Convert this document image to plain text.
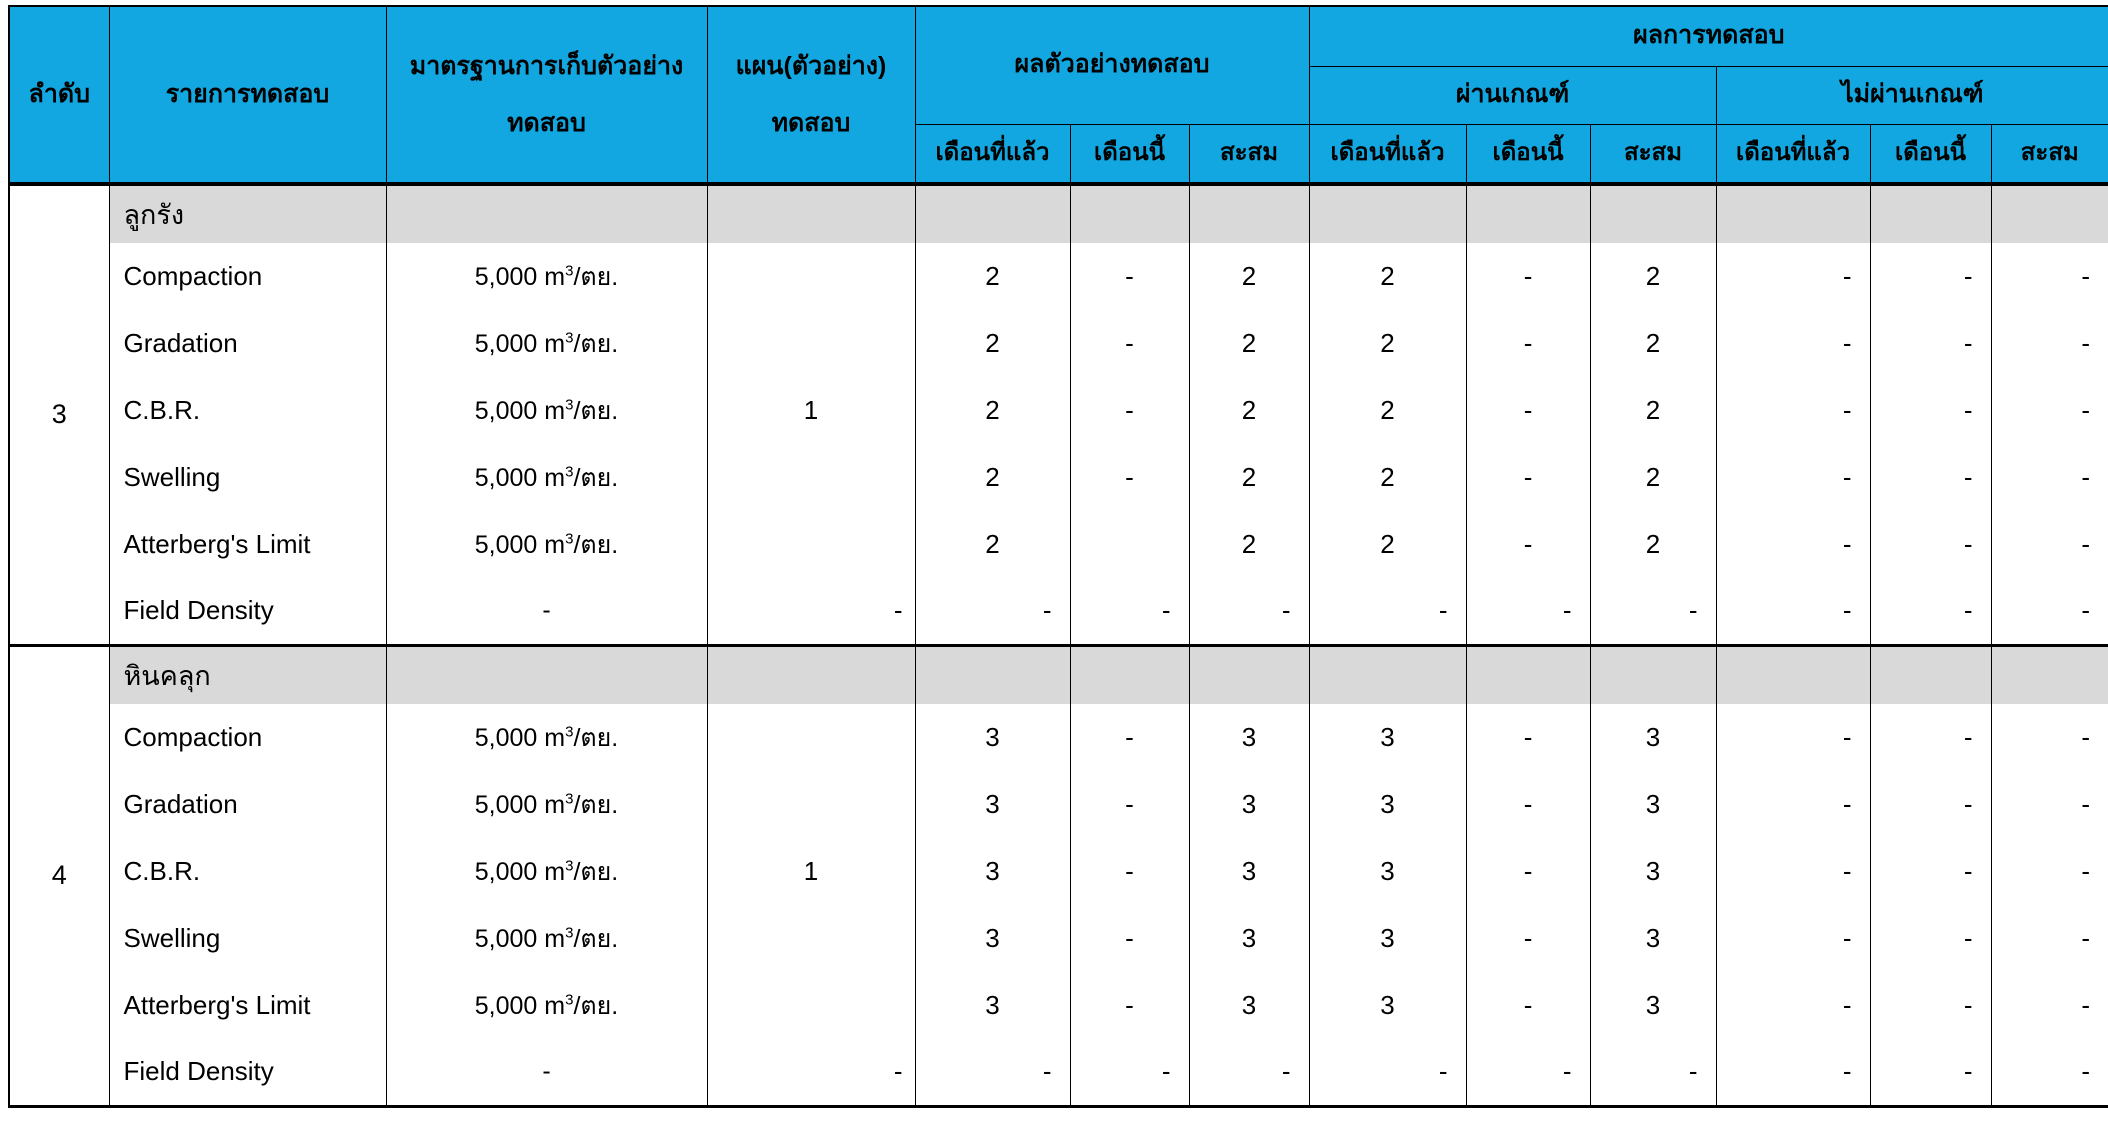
ลำดับ	รายการทดสอบ	มาตรฐานการเก็บตัวอย่าง ทดสอบ	แผน(ตัวอย่าง) ทดสอบ	ผลตัวอย่างทดสอบ			ผลการทดสอบ					
							ผ่านเกณฑ์			ไม่ผ่านเกณฑ์		
				เดือนที่แล้ว	เดือนนี้	สะสม	เดือนที่แล้ว	เดือนนี้	สะสม	เดือนที่แล้ว	เดือนนี้	สะสม
3	ลูกรัง											
	Compaction	5,000 $m^3/$ตย.		2	-	2	2	-	2	-	-	-
	Gradation	5,000 $m^3/$ตย.		2	-	2	2	-	2	-	-	-
	C.B.R.	5,000 $m^3/$ตย.	1	2	-	2	2	-	2	-	-	-
	Swelling	5,000 $m^3/$ตย.		2	-	2	2	-	2	-	-	-
	Atterberg's Limit	5,000 $m^3/$ตย.		2		2	2	-	2	-	-	-
	Field Density	-	-	-	-	-	-	-	-	-	-	-
4	หินคลุก											
	Compaction	5,000 $m^3/$ตย.		3	-	3	3	-	3	-	-	-
	Gradation	5,000 $m^3/$ตย.		3	-	3	3	-	3	-	-	-
	C.B.R.	5,000 $m^3/$ตย.	1	3	-	3	3	-	3	-	-	-
	Swelling	5,000 $m^3/$ตย.		3	-	3	3	-	3	-	-	-
	Atterberg's Limit	5,000 $m^3/$ตย.		3	-	3	3	-	3	-	-	-
	Field Density	-	-	-	-	-	-	-	-	-	-	-
